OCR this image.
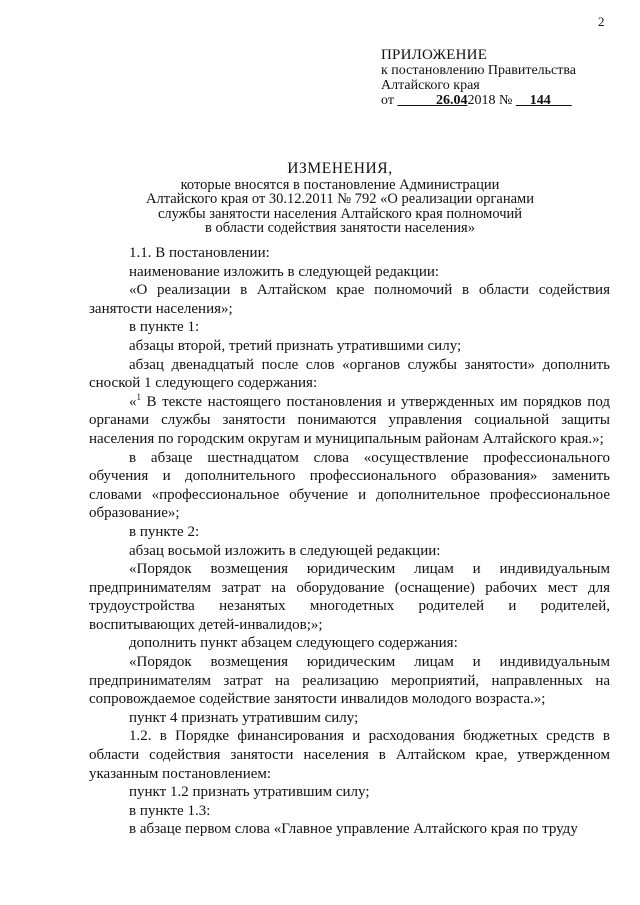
2
ПРИЛОЖЕНИЕ
к постановлению Правительства
Алтайского края
от	26.042018 № 144
ИЗМЕНЕНИЯ,
которые вносятся в постановление Администрации
Алтайского края от 30.12.2011 № 792 «О реализации органами
службы занятости населения Алтайского края полномочий
в области содействия занятости населения»

1.1. В постановлении:

наименование изложить в следующей редакции:

«О реализации в Алтайском крае полномочий в области содействия занятости населения»;

в пункте 1:

абзацы второй, третий признать утратившими силу;

абзац двенадцатый после слов «органов службы занятости» дополнить сноской 1 следующего содержания:

«$^1$ В тексте настоящего постановления и утвержденных им порядков под органами службы занятости понимаются управления социальной защиты населения по городским округам и муниципальным районам Алтайского края.»;

в абзаце шестнадцатом слова «осуществление профессионального обучения и дополнительного профессионального образования» заменить словами «профессиональное обучение и дополнительное профессиональное образование»;

в пункте 2:

абзац восьмой изложить в следующей редакции:

«Порядок возмещения юридическим лицам и индивидуальным предпринимателям затрат на оборудование (оснащение) рабочих мест для трудоустройства незанятых многодетных родителей и родителей, воспитывающих детей-инвалидов;»;

дополнить пункт абзацем следующего содержания:

«Порядок возмещения юридическим лицам и индивидуальным предпринимателям затрат на реализацию мероприятий, направленных на сопровождаемое содействие занятости инвалидов молодого возраста.»;

пункт 4 признать утратившим силу;

1.2. в Порядке финансирования и расходования бюджетных средств в области содействия занятости населения в Алтайском крае, утвержденном указанным постановлением:

пункт 1.2 признать утратившим силу;

в пункте 1.3:

в абзаце первом слова «Главное управление Алтайского края по труду
